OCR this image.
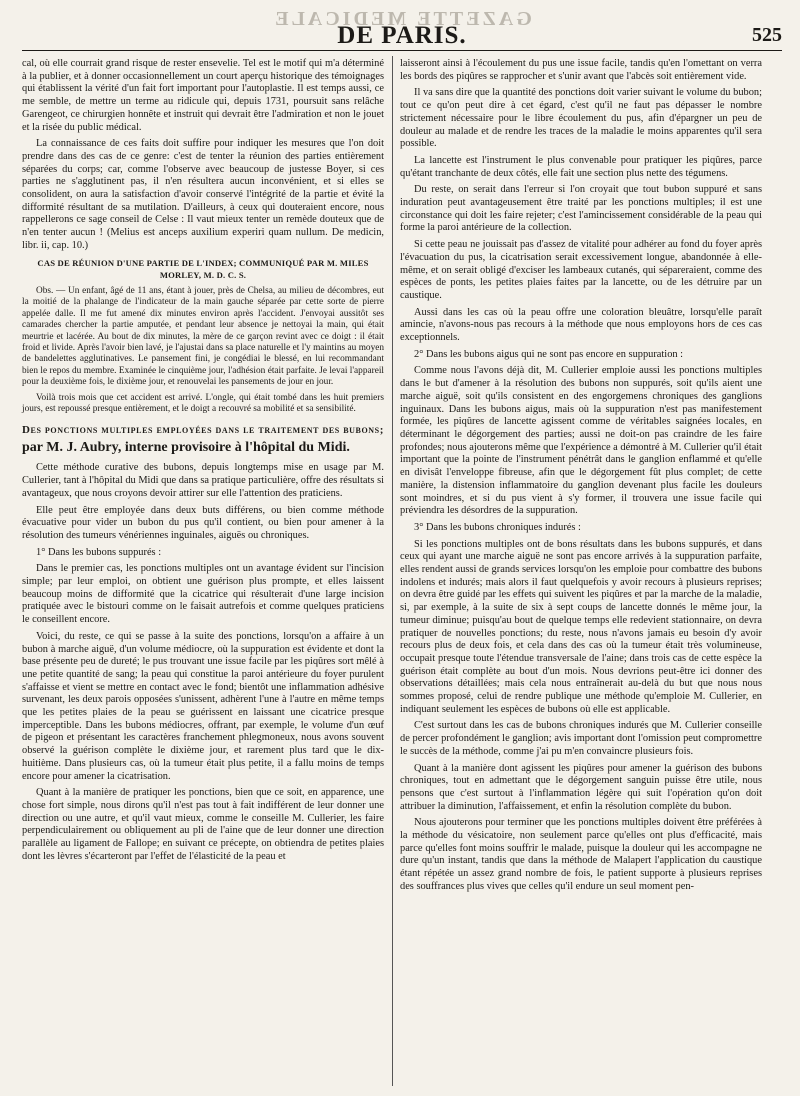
GAZETTE MEDICALE
DE PARIS.	525

cal, où elle courrait grand risque de rester ensevelie. Tel est le motif qui m'a déterminé à la publier, et à donner occasionnellement un court aperçu historique des témoignages qui établissent la vérité d'un fait fort important pour l'autoplastie. Il est temps aussi, ce me semble, de mettre un terme au ridicule qui, depuis 1731, poursuit sans relâche Garengeot, ce chirurgien honnête et instruit qui devrait être l'admiration et non le jouet et la risée du public médical.

La connaissance de ces faits doit suffire pour indiquer les mesures que l'on doit prendre dans des cas de ce genre: c'est de tenter la réunion des parties entièrement séparées du corps; car, comme l'observe avec beaucoup de justesse Boyer, si ces parties ne s'agglutinent pas, il n'en résultera aucun inconvénient, et si elles se consolident, on aura la satisfaction d'avoir conservé l'intégrité de la partie et évité la difformité résultant de sa mutilation. D'ailleurs, à ceux qui douteraient encore, nous rappellerons ce sage conseil de Celse : Il vaut mieux tenter un remède douteux que de n'en tenter aucun ! (Melius est anceps auxilium experiri quam nullum. De medicin, libr. ii, cap. 10.)

CAS DE RÉUNION D'UNE PARTIE DE L'INDEX; COMMUNIQUÉ PAR M. MILES MORLEY, M. D. C. S.

Obs. — Un enfant, âgé de 11 ans, étant à jouer, près de Chelsa, au milieu de décombres, eut la moitié de la phalange de l'indicateur de la main gauche séparée par cette sorte de pierre appelée dalle. Il me fut amené dix minutes environ après l'accident. J'envoyai aussitôt ses camarades chercher la partie amputée, et pendant leur absence je nettoyai la main, qui était meurtrie et lacérée. Au bout de dix minutes, la mère de ce garçon revint avec ce doigt : il était froid et livide. Après l'avoir bien lavé, je l'ajustai dans sa place naturelle et l'y maintins au moyen de bandelettes agglutinatives. Le pansement fini, je congédiai le blessé, en lui recommandant bien le repos du membre. Examinée le cinquième jour, l'adhésion était parfaite. Je levai l'appareil pour la deuxième fois, le dixième jour, et renouvelai les pansements de jour en jour.

Voilà trois mois que cet accident est arrivé. L'ongle, qui était tombé dans les huit premiers jours, est repoussé presque entièrement, et le doigt a recouvré sa mobilité et sa sensibilité.

Des ponctions multiples employées dans le traitement des bubons; par M. J. Aubry, interne provisoire à l'hôpital du Midi.

Cette méthode curative des bubons, depuis longtemps mise en usage par M. Cullerier, tant à l'hôpital du Midi que dans sa pratique particulière, offre des résultats si avantageux, que nous croyons devoir attirer sur elle l'attention des praticiens.

Elle peut être employée dans deux buts différens, ou bien comme méthode évacuative pour vider un bubon du pus qu'il contient, ou bien pour amener à la résolution des tumeurs vénériennes inguinales, aiguës ou chroniques.

1° Dans les bubons suppurés :

Dans le premier cas, les ponctions multiples ont un avantage évident sur l'incision simple; par leur emploi, on obtient une guérison plus prompte, et elles laissent beaucoup moins de difformité que la cicatrice qui résulterait d'une large incision pratiquée avec le bistouri comme on le faisait autrefois et comme quelques praticiens le conseillent encore.

Voici, du reste, ce qui se passe à la suite des ponctions, lorsqu'on a affaire à un bubon à marche aiguë, d'un volume médiocre, où la suppuration est évidente et dont la base présente peu de dureté; le pus trouvant une issue facile par les piqûres sort mêlé à une petite quantité de sang; la peau qui constitue la paroi antérieure du foyer purulent s'affaisse et vient se mettre en contact avec le fond; bientôt une inflammation adhésive survenant, les deux parois opposées s'unissent, adhèrent l'une à l'autre en même temps que les petites plaies de la peau se guérissent en laissant une cicatrice presque imperceptible. Dans les bubons médiocres, offrant, par exemple, le volume d'un œuf de pigeon et présentant les caractères franchement phlegmoneux, nous avons souvent observé la guérison complète le dixième jour, et rarement plus tard que le dix-huitième. Dans plusieurs cas, où la tumeur était plus petite, il a fallu moins de temps encore pour amener la cicatrisation.

Quant à la manière de pratiquer les ponctions, bien que ce soit, en apparence, une chose fort simple, nous dirons qu'il n'est pas tout à fait indifférent de leur donner une direction ou une autre, et qu'il vaut mieux, comme le conseille M. Cullerier, les faire perpendiculairement ou obliquement au pli de l'aine que de leur donner une direction parallèle au ligament de Fallope; en suivant ce précepte, on obtiendra de petites plaies dont les lèvres s'écarteront par l'effet de l'élasticité de la peau et

laisseront ainsi à l'écoulement du pus une issue facile, tandis qu'en l'omettant on verra les bords des piqûres se rapprocher et s'unir avant que l'abcès soit entièrement vide.

Il va sans dire que la quantité des ponctions doit varier suivant le volume du bubon; tout ce qu'on peut dire à cet égard, c'est qu'il ne faut pas dépasser le nombre strictement nécessaire pour le libre écoulement du pus, afin d'épargner un peu de douleur au malade et de rendre les traces de la maladie le moins apparentes qu'il sera possible.

La lancette est l'instrument le plus convenable pour pratiquer les piqûres, parce qu'étant tranchante de deux côtés, elle fait une section plus nette des tégumens.

Du reste, on serait dans l'erreur si l'on croyait que tout bubon suppuré et sans induration peut avantageusement être traité par les ponctions multiples; il est une circonstance qui doit les faire rejeter; c'est l'amincissement considérable de la peau qui forme la paroi antérieure de la collection.

Si cette peau ne jouissait pas d'assez de vitalité pour adhérer au fond du foyer après l'évacuation du pus, la cicatrisation serait excessivement longue, abandonnée à elle-même, et on serait obligé d'exciser les lambeaux cutanés, qui sépareraient, comme des espèces de ponts, les petites plaies faites par la lancette, ou de les détruire par un caustique.

Aussi dans les cas où la peau offre une coloration bleuâtre, lorsqu'elle paraît amincie, n'avons-nous pas recours à la méthode que nous employons hors de ces cas exceptionnels.

2° Dans les bubons aigus qui ne sont pas encore en suppuration :

Comme nous l'avons déjà dit, M. Cullerier emploie aussi les ponctions multiples dans le but d'amener à la résolution des bubons non suppurés, soit qu'ils aient une marche aiguë, soit qu'ils consistent en des engorgemens chroniques des ganglions inguinaux. Dans les bubons aigus, mais où la suppuration n'est pas manifestement formée, les piqûres de lancette agissent comme de véritables saignées locales, en déterminant le dégorgement des parties; aussi ne doit-on pas craindre de les faire profondes; nous ajouterons même que l'expérience a démontré à M. Cullerier qu'il était important que la pointe de l'instrument pénétrât dans le ganglion enflammé et qu'elle en divisât l'enveloppe fibreuse, afin que le dégorgement fût plus complet; de cette manière, la distension inflammatoire du ganglion devenant plus facile les douleurs sont moindres, et si du pus vient à s'y former, il trouvera une issue facile qui préviendra les désordres de la suppuration.

3° Dans les bubons chroniques indurés :

Si les ponctions multiples ont de bons résultats dans les bubons suppurés, et dans ceux qui ayant une marche aiguë ne sont pas encore arrivés à la suppuration parfaite, elles rendent aussi de grands services lorsqu'on les emploie pour combattre des bubons indolens et indurés; mais alors il faut quelquefois y avoir recours à plusieurs reprises; on devra être guidé par les effets qui suivent les piqûres et par la marche de la maladie, si, par exemple, à la suite de six à sept coups de lancette donnés le même jour, la tumeur diminue; puisqu'au bout de quelque temps elle redevient stationnaire, on devra pratiquer de nouvelles ponctions; du reste, nous n'avons jamais eu besoin d'y avoir recours plus de deux fois, et cela dans des cas où la tumeur était très volumineuse, occupait presque toute l'étendue transversale de l'aine; dans trois cas de cette espèce la guérison était complète au bout d'un mois. Nous devrions peut-être ici donner des observations détaillées; mais cela nous entraînerait au-delà du but que nous nous sommes proposé, celui de rendre publique une méthode qu'emploie M. Cullerier, en indiquant seulement les espèces de bubons où elle est applicable.

C'est surtout dans les cas de bubons chroniques indurés que M. Cullerier conseille de percer profondément le ganglion; avis important dont l'omission peut compromettre le succès de la méthode, comme j'ai pu m'en convaincre plusieurs fois.

Quant à la manière dont agissent les piqûres pour amener la guérison des bubons chroniques, tout en admettant que le dégorgement sanguin puisse être utile, nous pensons que c'est surtout à l'inflammation légère qui suit l'opération qu'on doit attribuer la diminution, l'affaissement, et enfin la résolution complète du bubon.

Nous ajouterons pour terminer que les ponctions multiples doivent être préférées à la méthode du vésicatoire, non seulement parce qu'elles ont plus d'efficacité, mais parce qu'elles font moins souffrir le malade, puisque la douleur qui les accompagne ne dure qu'un instant, tandis que dans la méthode de Malapert l'application du caustique étant répétée un assez grand nombre de fois, le patient supporte à plusieurs reprises des souffrances plus vives que celles qu'il endure un seul moment pen-
